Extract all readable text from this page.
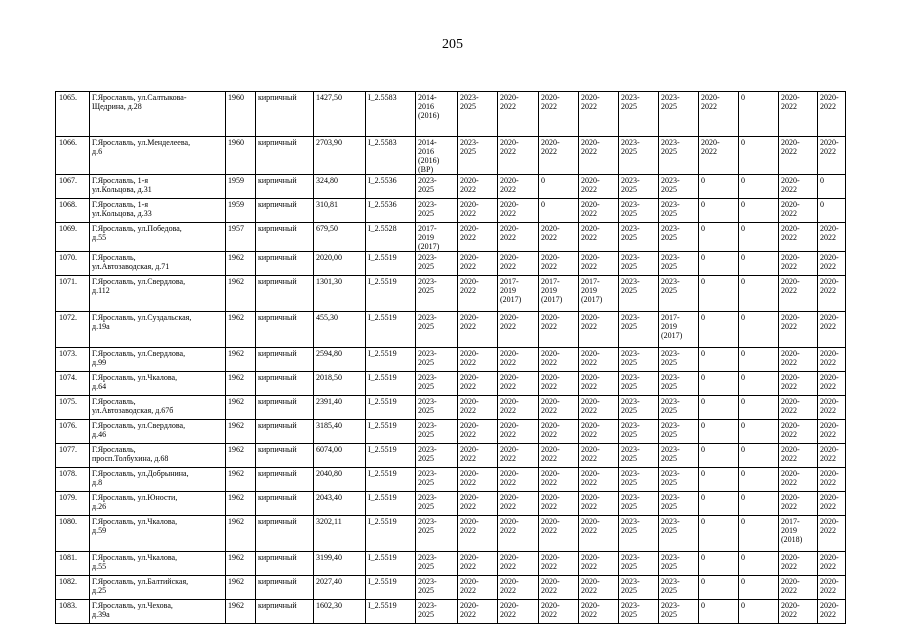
205
1065.	Г.Ярославль, ул.Салтыкова-
Щедрина, д.28	1960	кирпичный	1427,50	I_2.5583	2014-
2016
(2016)	2023-
2025	2020-
2022	2020-
2022	2020-
2022	2023-
2025	2023-
2025	2020-
2022	0	2020-
2022	2020-
2022
1066.	Г.Ярославль, ул.Менделеева,
д.6	1960	кирпичный	2703,90	I_2.5583	2014-
2016
(2016)
(ВР)	2023-
2025	2020-
2022	2020-
2022	2020-
2022	2023-
2025	2023-
2025	2020-
2022	0	2020-
2022	2020-
2022
1067.	Г.Ярославль, 1-я
ул.Кольцова, д.31	1959	кирпичный	324,80	I_2.5536	2023-
2025	2020-
2022	2020-
2022	0	2020-
2022	2023-
2025	2023-
2025	0	0	2020-
2022	0
1068.	Г.Ярославль, 1-я
ул.Кольцова, д.33	1959	кирпичный	310,81	I_2.5536	2023-
2025	2020-
2022	2020-
2022	0	2020-
2022	2023-
2025	2023-
2025	0	0	2020-
2022	0
1069.	Г.Ярославль, ул.Победова,
д.55	1957	кирпичный	679,50	I_2.5528	2017-
2019
(2017)	2020-
2022	2020-
2022	2020-
2022	2020-
2022	2023-
2025	2023-
2025	0	0	2020-
2022	2020-
2022
1070.	Г.Ярославль,
ул.Автозаводская, д.71	1962	кирпичный	2020,00	I_2.5519	2023-
2025	2020-
2022	2020-
2022	2020-
2022	2020-
2022	2023-
2025	2023-
2025	0	0	2020-
2022	2020-
2022
1071.	Г.Ярославль, ул.Свердлова,
д.112	1962	кирпичный	1301,30	I_2.5519	2023-
2025	2020-
2022	2017-
2019
(2017)	2017-
2019
(2017)	2017-
2019
(2017)	2023-
2025	2023-
2025	0	0	2020-
2022	2020-
2022
1072.	Г.Ярославль, ул.Суздальская,
д.19а	1962	кирпичный	455,30	I_2.5519	2023-
2025	2020-
2022	2020-
2022	2020-
2022	2020-
2022	2023-
2025	2017-
2019
(2017)	0	0	2020-
2022	2020-
2022
1073.	Г.Ярославль, ул.Свердлова,
д.99	1962	кирпичный	2594,80	I_2.5519	2023-
2025	2020-
2022	2020-
2022	2020-
2022	2020-
2022	2023-
2025	2023-
2025	0	0	2020-
2022	2020-
2022
1074.	Г.Ярославль, ул.Чкалова,
д.64	1962	кирпичный	2018,50	I_2.5519	2023-
2025	2020-
2022	2020-
2022	2020-
2022	2020-
2022	2023-
2025	2023-
2025	0	0	2020-
2022	2020-
2022
1075.	Г.Ярославль,
ул.Автозаводская, д.67б	1962	кирпичный	2391,40	I_2.5519	2023-
2025	2020-
2022	2020-
2022	2020-
2022	2020-
2022	2023-
2025	2023-
2025	0	0	2020-
2022	2020-
2022
1076.	Г.Ярославль, ул.Свердлова,
д.46	1962	кирпичный	3185,40	I_2.5519	2023-
2025	2020-
2022	2020-
2022	2020-
2022	2020-
2022	2023-
2025	2023-
2025	0	0	2020-
2022	2020-
2022
1077.	Г.Ярославль,
просп.Толбухина, д.68	1962	кирпичный	6074,00	I_2.5519	2023-
2025	2020-
2022	2020-
2022	2020-
2022	2020-
2022	2023-
2025	2023-
2025	0	0	2020-
2022	2020-
2022
1078.	Г.Ярославль, ул.Добрынина,
д.8	1962	кирпичный	2040,80	I_2.5519	2023-
2025	2020-
2022	2020-
2022	2020-
2022	2020-
2022	2023-
2025	2023-
2025	0	0	2020-
2022	2020-
2022
1079.	Г.Ярославль, ул.Юности,
д.26	1962	кирпичный	2043,40	I_2.5519	2023-
2025	2020-
2022	2020-
2022	2020-
2022	2020-
2022	2023-
2025	2023-
2025	0	0	2020-
2022	2020-
2022
1080.	Г.Ярославль, ул.Чкалова,
д.59	1962	кирпичный	3202,11	I_2.5519	2023-
2025	2020-
2022	2020-
2022	2020-
2022	2020-
2022	2023-
2025	2023-
2025	0	0	2017-
2019
(2018)	2020-
2022
1081.	Г.Ярославль, ул.Чкалова,
д.55	1962	кирпичный	3199,40	I_2.5519	2023-
2025	2020-
2022	2020-
2022	2020-
2022	2020-
2022	2023-
2025	2023-
2025	0	0	2020-
2022	2020-
2022
1082.	Г.Ярославль, ул.Балтийская,
д.25	1962	кирпичный	2027,40	I_2.5519	2023-
2025	2020-
2022	2020-
2022	2020-
2022	2020-
2022	2023-
2025	2023-
2025	0	0	2020-
2022	2020-
2022
1083.	Г.Ярославль, ул.Чехова,
д.39а	1962	кирпичный	1602,30	I_2.5519	2023-
2025	2020-
2022	2020-
2022	2020-
2022	2020-
2022	2023-
2025	2023-
2025	0	0	2020-
2022	2020-
2022
